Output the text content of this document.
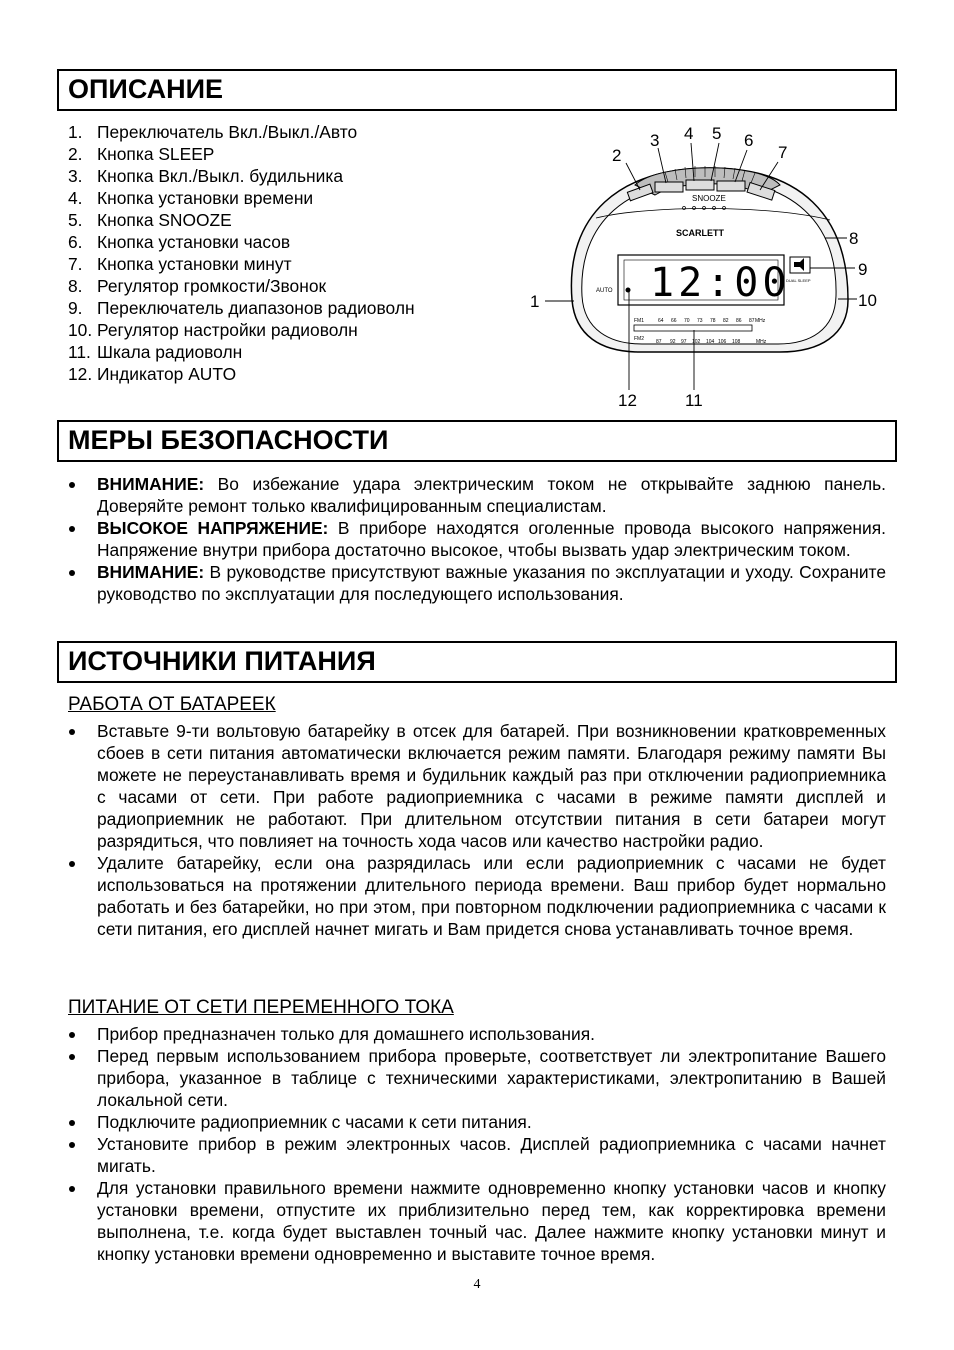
ОПИСАНИЕ
1. Переключатель Вкл./Выкл./Авто
2. Кнопка SLEEP
3. Кнопка Вкл./Выкл. будильника
4. Кнопка установки времени
5. Кнопка SNOOZE
6. Кнопка установки часов
7. Кнопка установки минут
8. Регулятор громкости/Звонок
9. Переключатель диапазонов радиоволн
10. Регулятор настройки радиоволн
11. Шкала радиоволн
12. Индикатор AUTO
SNOOZE
SCARLETT
12:00
AUTO
DUAL SLEEP
FM1
FM2
64 66 70 73 78 82 86 87 MHz
87 92 97 102 104 106 108	MHz
2
3 4 5 6
7
8
9
10
1
12	11
МЕРЫ БЕЗОПАСНОСТИ
ВНИМАНИЕ: Во избежание удара электрическим током не открывайте заднюю панель. Доверяйте ремонт только квалифицированным специалистам.
ВЫСОКОЕ НАПРЯЖЕНИЕ: В приборе находятся оголенные провода высокого напряжения. Напряжение внутри прибора достаточно высокое, чтобы вызвать удар электрическим током.
ВНИМАНИЕ: В руководстве присутствуют важные указания по эксплуатации и уходу. Сохраните руководство по эксплуатации для последующего использования.
ИСТОЧНИКИ ПИТАНИЯ
РАБОТА ОТ БАТАРЕЕК
Вставьте 9-ти вольтовую батарейку в отсек для батарей. При возникновении кратковременных сбоев в сети питания автоматически включается режим памяти. Благодаря режиму памяти Вы можете не переустанавливать время и будильник каждый раз при отключении радиоприемника с часами от сети. При работе радиоприемника с часами в режиме памяти дисплей и радиоприемник не работают. При длительном отсутствии питания в сети батареи могут разрядиться, что повлияет на точность хода часов или качество настройки радио.
Удалите батарейку, если она разрядилась или если радиоприемник с часами не будет использоваться на протяжении длительного периода времени. Ваш прибор будет нормально работать и без батарейки, но при этом, при повторном подключении радиоприемника с часами к сети питания, его дисплей начнет мигать и Вам придется снова устанавливать точное время.
ПИТАНИЕ ОТ СЕТИ ПЕРЕМЕННОГО ТОКА
Прибор предназначен только для домашнего использования.
Перед первым использованием прибора проверьте, соответствует ли электропитание Вашего прибора, указанное в таблице с техническими характеристиками, электропитанию в Вашей локальной сети.
Подключите радиоприемник с часами к сети питания.
Установите прибор в режим электронных часов. Дисплей радиоприемника с часами начнет мигать.
Для установки правильного времени нажмите одновременно кнопку установки часов и кнопку установки времени, отпустите их приблизительно перед тем, как корректировка времени выполнена, т.е. когда будет выставлен точный час. Далее нажмите кнопку установки минут и кнопку установки времени одновременно и выставите точное время.
4
